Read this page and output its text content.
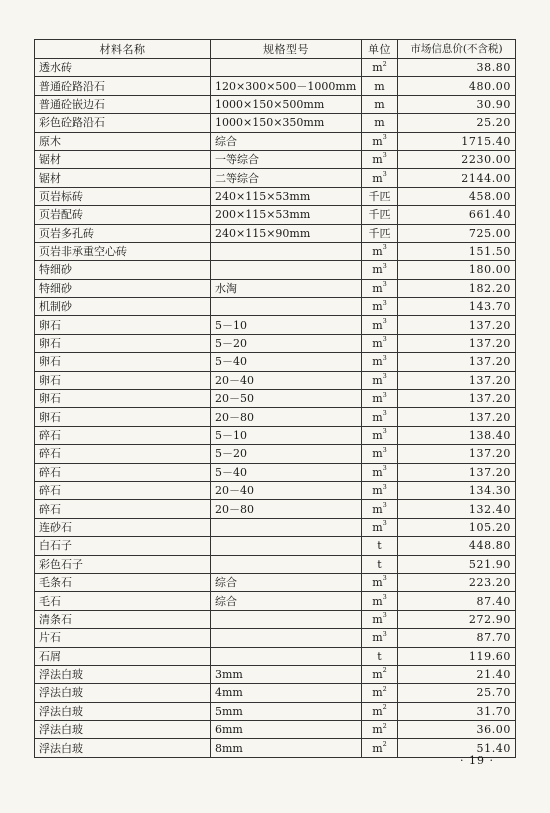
材料名称	规格型号	单位	市场信息价(不含税)
透水砖		$m^2$	38.80
普通砼路沿石	120×300×500－1000mm	m	480.00
普通砼嵌边石	1000×150×500mm	m	30.90
彩色砼路沿石	1000×150×350mm	m	25.20
原木	综合	$m^3$	1715.40
锯材	一等综合	$m^3$	2230.00
锯材	二等综合	$m^3$	2144.00
页岩标砖	240×115×53mm	千匹	458.00
页岩配砖	200×115×53mm	千匹	661.40
页岩多孔砖	240×115×90mm	千匹	725.00
页岩非承重空心砖		$m^3$	151.50
特细砂		$m^3$	180.00
特细砂	水淘	$m^3$	182.20
机制砂		$m^3$	143.70
卵石	5－10	$m^3$	137.20
卵石	5－20	$m^3$	137.20
卵石	5－40	$m^3$	137.20
卵石	20－40	$m^3$	137.20
卵石	20－50	$m^3$	137.20
卵石	20－80	$m^3$	137.20
碎石	5－10	$m^3$	138.40
碎石	5－20	$m^3$	137.20
碎石	5－40	$m^3$	137.20
碎石	20－40	$m^3$	134.30
碎石	20－80	$m^3$	132.40
连砂石		$m^3$	105.20
白石子		t	448.80
彩色石子		t	521.90
毛条石	综合	$m^3$	223.20
毛石	综合	$m^3$	87.40
清条石		$m^3$	272.90
片石		$m^3$	87.70
石屑		t	119.60
浮法白玻	3mm	$m^2$	21.40
浮法白玻	4mm	$m^2$	25.70
浮法白玻	5mm	$m^2$	31.70
浮法白玻	6mm	$m^2$	36.00
浮法白玻	8mm	$m^2$	51.40
· 19 ·
